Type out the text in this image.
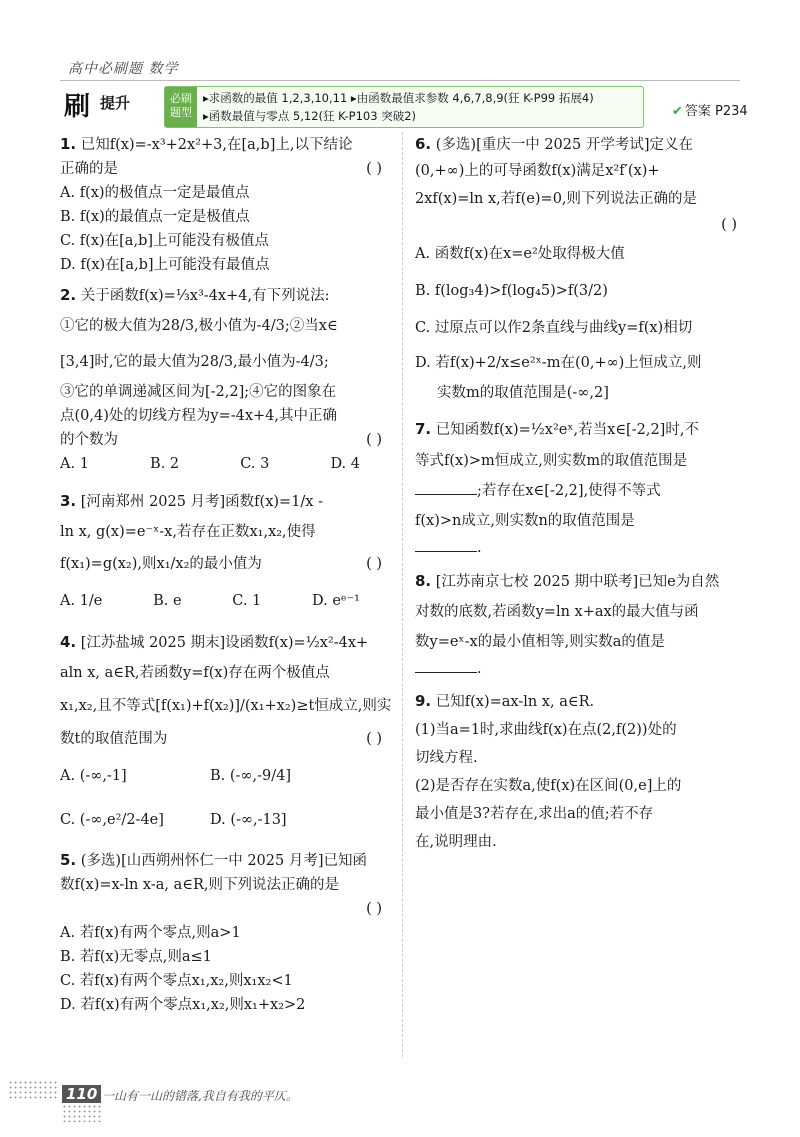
高中必刷题 数学
刷 提升	必刷题型
▸求函数的最值 1,2,3,10,11 ▸由函数最值求参数 4,6,7,8,9(狂 K-P99 拓展4)
▸函数最值与零点 5,12(狂 K-P103 突破2)	✔ 答案 P234
1. 已知f(x)=-x³+2x²+3,在[a,b]上,以下结论
正确的是	( )
A. f(x)的极值点一定是最值点
B. f(x)的最值点一定是极值点
C. f(x)在[a,b]上可能没有极值点
D. f(x)在[a,b]上可能没有最值点
2. 关于函数f(x)=⅓x³-4x+4,有下列说法:
①它的极大值为28/3,极小值为-4/3;②当x∈
[3,4]时,它的最大值为28/3,最小值为-4/3;
③它的单调递减区间为[-2,2];④它的图象在
点(0,4)处的切线方程为y=-4x+4,其中正确
的个数为	( )
A. 1	B. 2	C. 3	D. 4
3. [河南郑州 2025 月考]函数f(x)=1/x -
ln x, g(x)=e⁻ˣ-x,若存在正数x₁,x₂,使得
f(x₁)=g(x₂),则x₁/x₂的最小值为	( )
A. 1/e	B. e	C. 1	D. eᵉ⁻¹
4. [江苏盐城 2025 期末]设函数f(x)=½x²-4x+
aln x, a∈R,若函数y=f(x)存在两个极值点
x₁,x₂,且不等式[f(x₁)+f(x₂)]/(x₁+x₂)≥t恒成立,则实
数t的取值范围为	( )
A. (-∞,-1]	B. (-∞,-9/4]
C. (-∞,e²/2-4e]	D. (-∞,-13]
5. (多选)[山西朔州怀仁一中 2025 月考]已知函
数f(x)=x-ln x-a, a∈R,则下列说法正确的是
( )

A. 若f(x)有两个零点,则a>1
B. 若f(x)无零点,则a≤1
C. 若f(x)有两个零点x₁,x₂,则x₁x₂<1
D. 若f(x)有两个零点x₁,x₂,则x₁+x₂>2
6. (多选)[重庆一中 2025 开学考试]定义在
(0,+∞)上的可导函数f(x)满足x²f′(x)+
2xf(x)=ln x,若f(e)=0,则下列说法正确的是
( )

A. 函数f(x)在x=e²处取得极大值
B. f(log₃4)>f(log₄5)>f(3/2)
C. 过原点可以作2条直线与曲线y=f(x)相切
D. 若f(x)+2/x≤e²ˣ-m在(0,+∞)上恒成立,则
实数m的取值范围是(-∞,2]
7. 已知函数f(x)=½x²eˣ,若当x∈[-2,2]时,不
等式f(x)>m恒成立,则实数m的取值范围是
;若存在x∈[-2,2],使得不等式
f(x)>n成立,则实数n的取值范围是
.
8. [江苏南京七校 2025 期中联考]已知e为自然
对数的底数,若函数y=ln x+ax的最大值与函
数y=eˣ-x的最小值相等,则实数a的值是
.
9. 已知f(x)=ax-ln x, a∈R.
(1)当a=1时,求曲线f(x)在点(2,f(2))处的
切线方程.
(2)是否存在实数a,使f(x)在区间(0,e]上的
最小值是3?若存在,求出a的值;若不存
在,说明理由.
110 一山有一山的错落,我自有我的平仄。
